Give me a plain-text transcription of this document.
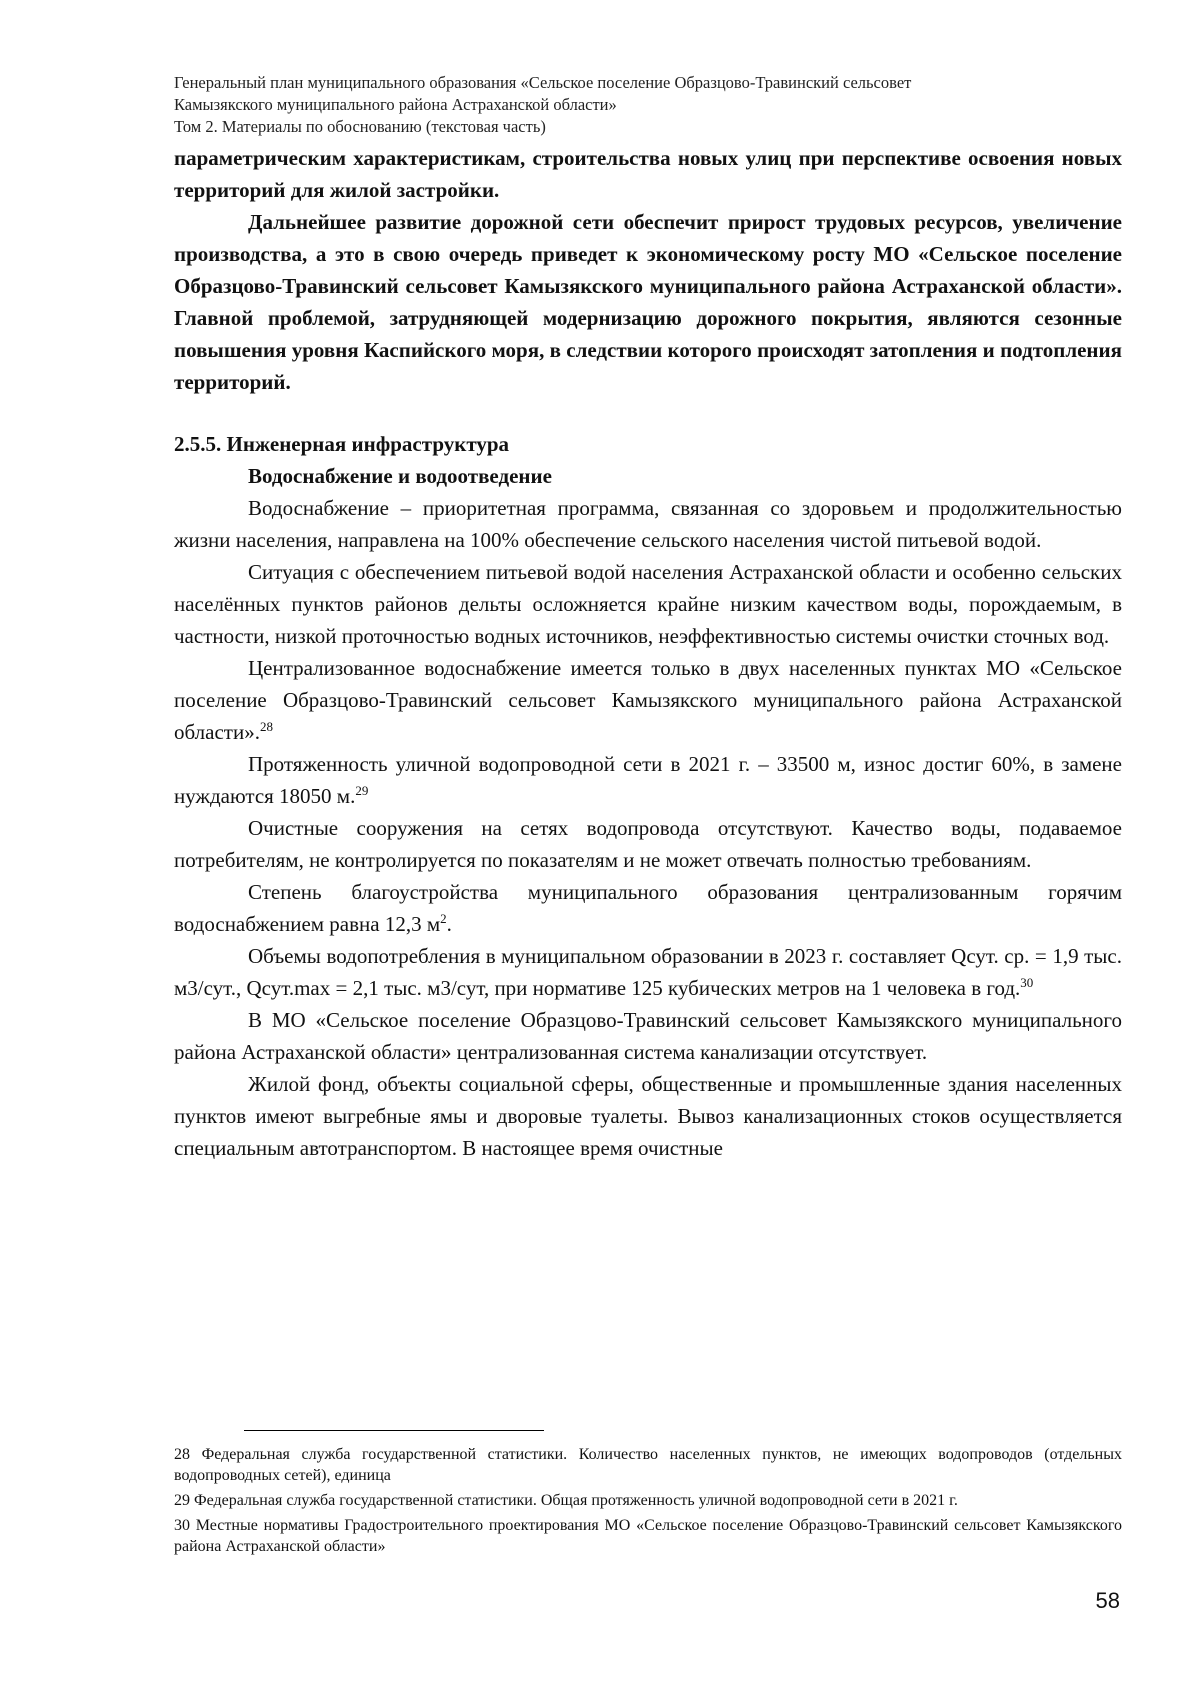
Генеральный план муниципального образования «Сельское поселение Образцово-Травинский сельсовет
Камызякского муниципального района Астраханской области»
Том 2. Материалы по обоснованию (текстовая часть)

параметрическим характеристикам, строительства новых улиц при перспективе освоения новых территорий для жилой застройки.

Дальнейшее развитие дорожной сети обеспечит прирост трудовых ресурсов, увеличение производства, а это в свою очередь приведет к экономическому росту МО «Сельское поселение Образцово-Травинский сельсовет Камызякского муниципального района Астраханской области». Главной проблемой, затрудняющей модернизацию дорожного покрытия, являются сезонные повышения уровня Каспийского моря, в следствии которого происходят затопления и подтопления территорий.

2.5.5. Инженерная инфраструктура

Водоснабжение и водоотведение

Водоснабжение – приоритетная программа, связанная со здоровьем и продолжительностью жизни населения, направлена на 100% обеспечение сельского населения чистой питьевой водой.

Ситуация с обеспечением питьевой водой населения Астраханской области и особенно сельских населённых пунктов районов дельты осложняется крайне низким качеством воды, порождаемым, в частности, низкой проточностью водных источников, неэффективностью системы очистки сточных вод.

Централизованное водоснабжение имеется только в двух населенных пунктах МО «Сельское поселение Образцово-Травинский сельсовет Камызякского муниципального района Астраханской области».$^{28}$

Протяженность уличной водопроводной сети в 2021 г. – 33500 м, износ достиг 60%, в замене нуждаются 18050 м.$^{29}$

Очистные сооружения на сетях водопровода отсутствуют. Качество воды, подаваемое потребителям, не контролируется по показателям и не может отвечать полностью требованиям.

Степень благоустройства муниципального образования централизованным горячим водоснабжением равна 12,3 $м^2$.

Объемы водопотребления в муниципальном образовании в 2023 г. составляет Qсут. ср. = 1,9 тыс. м3/сут., Qсут.max = 2,1 тыс. м3/сут, при нормативе 125 кубических метров на 1 человека в год.$^{30}$

В МО «Сельское поселение Образцово-Травинский сельсовет Камызякского муниципального района Астраханской области» централизованная система канализации отсутствует.

Жилой фонд, объекты социальной сферы, общественные и промышленные здания населенных пунктов имеют выгребные ямы и дворовые туалеты. Вывоз канализационных стоков осуществляется специальным автотранспортом. В настоящее время очистные

28 Федеральная служба государственной статистики. Количество населенных пунктов, не имеющих водопроводов (отдельных водопроводных сетей), единица

29 Федеральная служба государственной статистики. Общая протяженность уличной водопроводной сети в 2021 г.

30 Местные нормативы Градостроительного проектирования МО «Сельское поселение Образцово-Травинский сельсовет Камызякского района Астраханской области»

58
